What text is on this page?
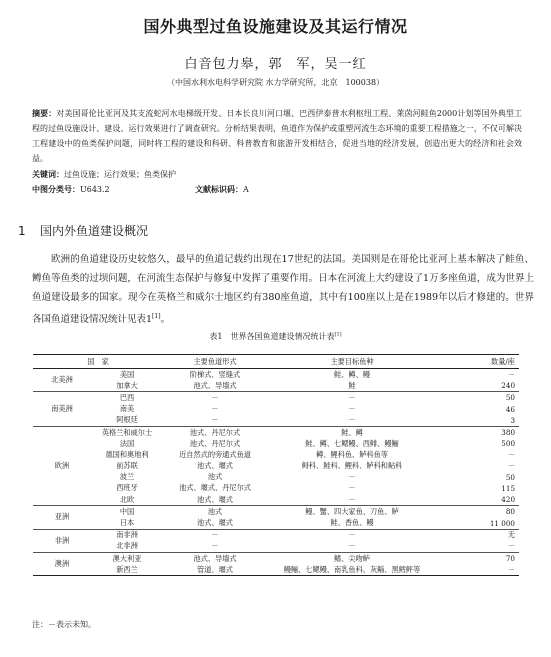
国外典型过鱼设施建设及其运行情况
白音包力皋，郭　军，吴一红
（中国水利水电科学研究院 水力学研究所，北京　100038）
摘要：对美国哥伦比亚河及其支流蛇河水电梯级开发、日本长良川河口堰、巴西伊泰普水利枢纽工程、莱茵河鲑鱼2000计划等国外典型工程的过鱼设施设计、建设、运行效果进行了调查研究。分析结果表明，鱼道作为保护或重塑河流生态环境的重要工程措施之一，不仅可解决工程建设中的鱼类保护问题，同时将工程的建设和科研、科普教育和旅游开发相结合，促进当地的经济发展，创造出更大的经济和社会效益。
关键词：过鱼设施；运行效果；鱼类保护
中图分类号：U643.2	文献标识码：A
1 国内外鱼道建设概况
欧洲的鱼道建设历史较悠久，最早的鱼道记载约出现在17世纪的法国。美国则是在哥伦比亚河上基本解决了鲑鱼、鳟鱼等鱼类的过坝问题，在河流生态保护与修复中发挥了重要作用。日本在河流上大约建设了1万多座鱼道，成为世界上鱼道建设最多的国家。现今在英格兰和威尔士地区约有380座鱼道，其中有100座以上是在1989年以后才修建的。世界各国鱼道建设情况统计见表1[1]。
表1　世界各国鱼道建设情况统计表[1]
国　家		主要鱼道形式	主要目标鱼种	数量/座
北美洲	美国	阶梯式、竖缝式	鲑、鳟、鳗	－
	加拿大	池式、导墙式	鲑	240
南美洲	巴西	－	－	50
	南美	－	－	46
	阿根廷	－	－	3
欧洲	英格兰和威尔士	池式、丹尼尔式	鲑、鳟	380
	法国	池式、丹尼尔式	鲑、鳟、七鳃鳗、西鲱、鳗鲡	500
	德国和奥地利	近自然式的旁通式鱼道	鳟、鲤科鱼、鲈科鱼等	－
	前苏联	池式、堰式	鲟科、鲑科、鲤科、鲈科和鲇科	－
	波兰	池式	－	50
	西班牙	池式、堰式、丹尼尔式	－	115
	北欧	池式、堰式	－	420
亚洲	中国	池式	鳗、蟹、四大家鱼、刀鱼、鲈	80
	日本	池式、堰式	鲑、香鱼、鳗	11 000
非洲	南非洲	－	－	无
	北非洲	－	－	－
澳洲	澳大利亚	池式、导墙式	鳍、尖吻鲈	70
	新西兰	管道、堰式	鳗鲡、七鳃鳗、南乳鱼科、灰鲻、黑鳕鲆等	－
注：－表示未知。
